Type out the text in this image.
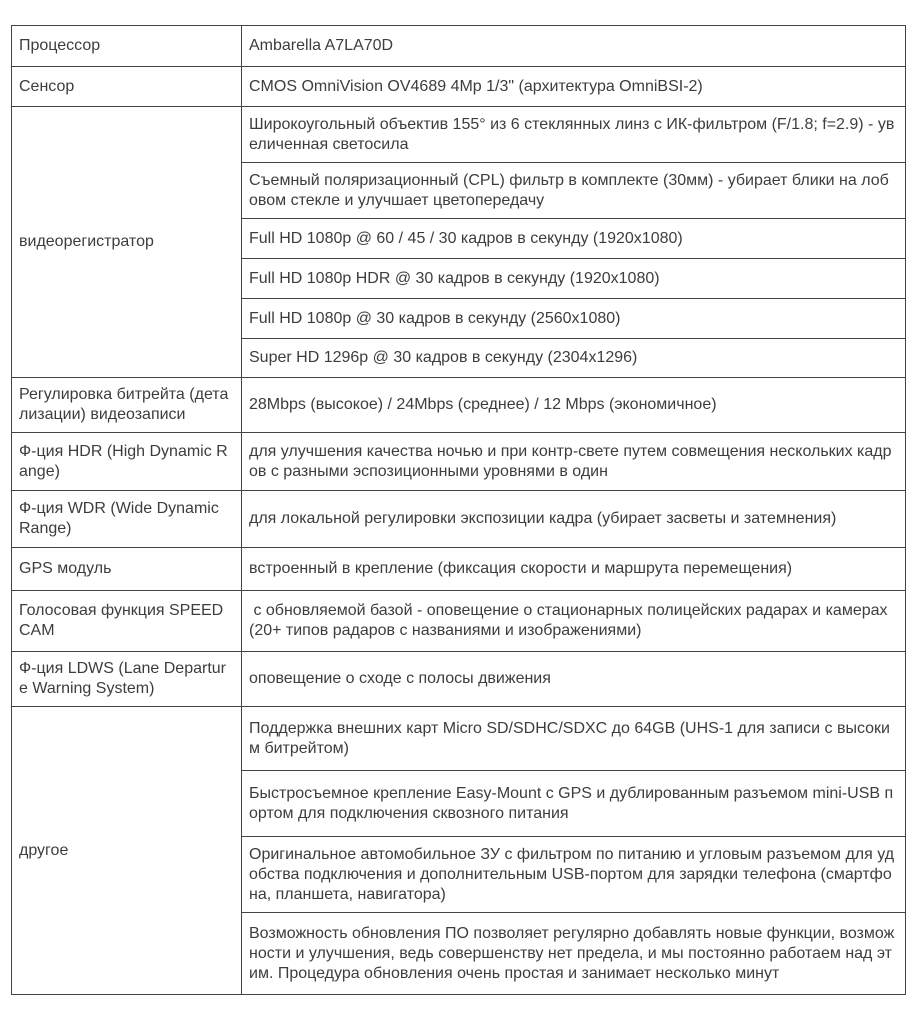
Процессор	Ambarella A7LA70D
Сенсор	CMOS OmniVision OV4689 4Mp 1/3" (архитектура OmniBSI-2)
видеорегистратор	Широкоугольный объектив 155° из 6 стеклянных линз с ИК-фильтром (F/1.8; f=2.9) - увеличенная светосила
	Съемный поляризационный (CPL) фильтр в комплекте (30мм) - убирает блики на лобовом стекле и улучшает цветопередачу
	Full HD 1080p @ 60 / 45 / 30 кадров в секунду (1920x1080)
	Full HD 1080p HDR @ 30 кадров в секунду (1920x1080)
	Full HD 1080p @ 30 кадров в секунду (2560x1080)
	Super HD 1296p @ 30 кадров в секунду (2304x1296)
Регулировка битрейта (детализации) видеозаписи	28Mbps (высокое) / 24Mbps (среднее) / 12 Mbps (экономичное)
Ф-ция HDR (High Dynamic Range)	для улучшения качества ночью и при контр-свете путем совмещения нескольких кадров с разными эспозиционными уровнями в один
Ф-ция WDR (Wide Dynamic Range)	для локальной регулировки экспозиции кадра (убирает засветы и затемнения)
GPS модуль	встроенный в крепление (фиксация скорости и маршрута перемещения)
Голосовая функция SPEEDCAM	с обновляемой базой - оповещение о стационарных полицейских радарах и камерах (20+ типов радаров с названиями и изображениями)
Ф-ция LDWS (Lane Departure Warning System)	оповещение о сходе с полосы движения
другое	Поддержка внешних карт Micro SD/SDHC/SDXC до 64GB (UHS-1 для записи с высоким битрейтом)
	Быстросъемное крепление Easy-Mount с GPS и дублированным разъемом mini-USB портом для подключения сквозного питания
	Оригинальное автомобильное ЗУ с фильтром по питанию и угловым разъемом для удобства подключения и дополнительным USB-портом для зарядки телефона (смартфона, планшета, навигатора)
	Возможность обновления ПО позволяет регулярно добавлять новые функции, возможности и улучшения, ведь совершенству нет предела, и мы постоянно работаем над этим. Процедура обновления очень простая и занимает несколько минут
